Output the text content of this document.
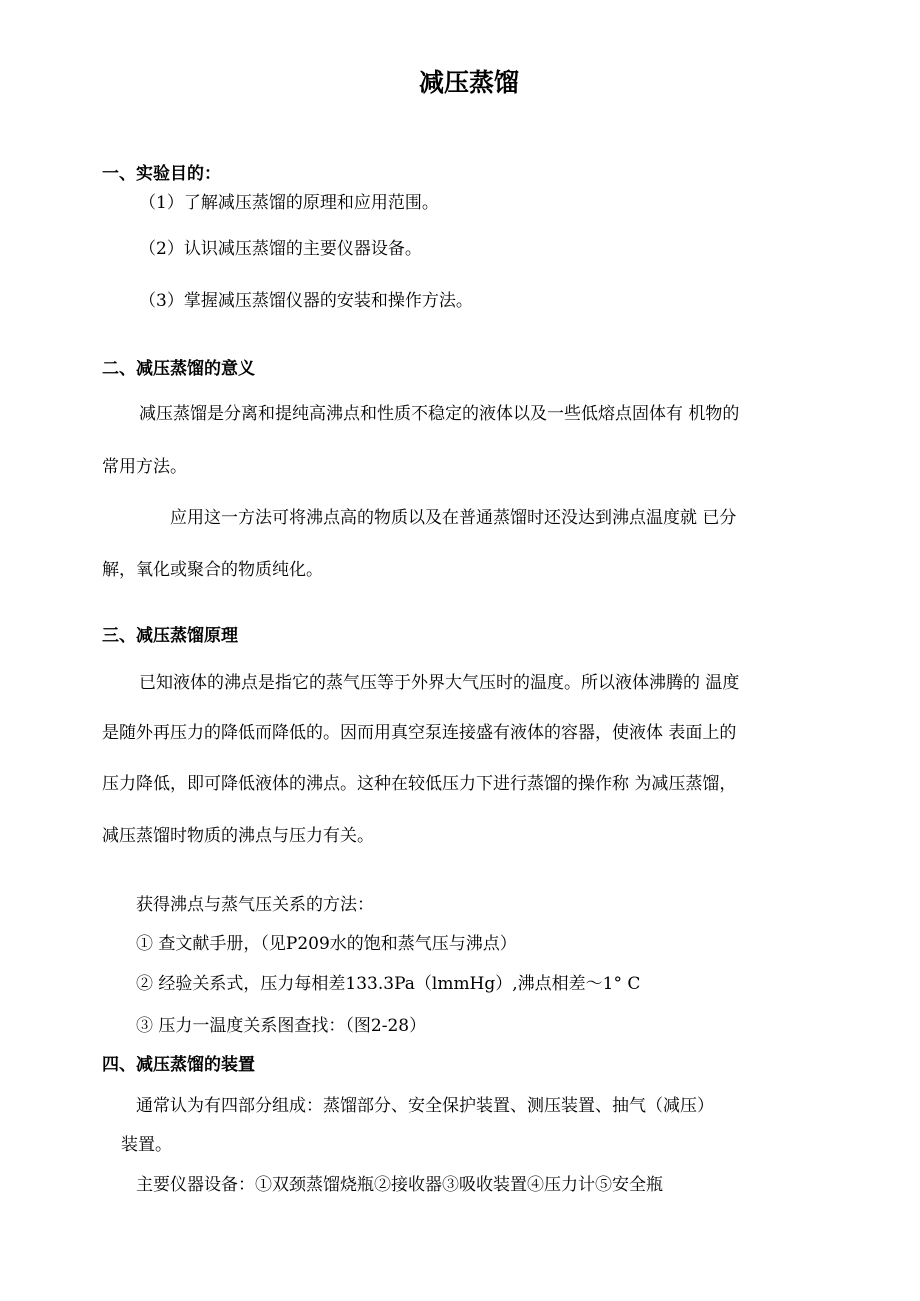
减压蒸馏
一、实验目的：
（1）了解减压蒸馏的原理和应用范围。
（2）认识减压蒸馏的主要仪器设备。
（3）掌握减压蒸馏仪器的安装和操作方法。
二、减压蒸馏的意义
减压蒸馏是分离和提纯高沸点和性质不稳定的液体以及一些低熔点固体有 机物的
常用方法。
应用这一方法可将沸点高的物质以及在普通蒸馏时还没达到沸点温度就 已分
解，氧化或聚合的物质纯化。
三、减压蒸馏原理
已知液体的沸点是指它的蒸气压等于外界大气压时的温度。所以液体沸腾的 温度
是随外再压力的降低而降低的。因而用真空泵连接盛有液体的容器，使液体 表面上的
压力降低，即可降低液体的沸点。这种在较低压力下进行蒸馏的操作称 为减压蒸馏，
减压蒸馏时物质的沸点与压力有关。
获得沸点与蒸气压关系的方法：
① 查文献手册，（见P209水的饱和蒸气压与沸点）
② 经验关系式，压力每相差133.3Pa（lmmHg）,沸点相差～1° C
③ 压力一温度关系图查找：（图2-28）
四、减压蒸馏的装置
通常认为有四部分组成：蒸馏部分、安全保护装置、测压装置、抽气（减压）
装置。
主要仪器设备：①双颈蒸馏烧瓶②接收器③吸收装置④压力计⑤安全瓶
